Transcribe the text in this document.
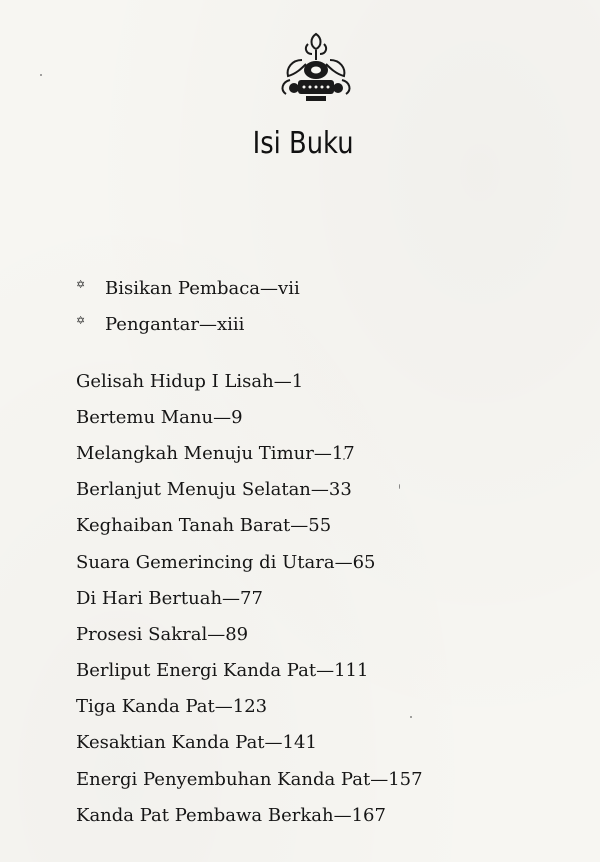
Isi Buku
✡	Bisikan Pembaca—vii
✡	Pengantar—xiii
Gelisah Hidup I Lisah—1
Bertemu Manu—9
Melangkah Menuju Timur—17
Berlanjut Menuju Selatan—33
Keghaiban Tanah Barat—55
Suara Gemerincing di Utara—65
Di Hari Bertuah—77
Prosesi Sakral—89
Berliput Energi Kanda Pat—111
Tiga Kanda Pat—123
Kesaktian Kanda Pat—141
Energi Penyembuhan Kanda Pat—157
Kanda Pat Pembawa Berkah—167
